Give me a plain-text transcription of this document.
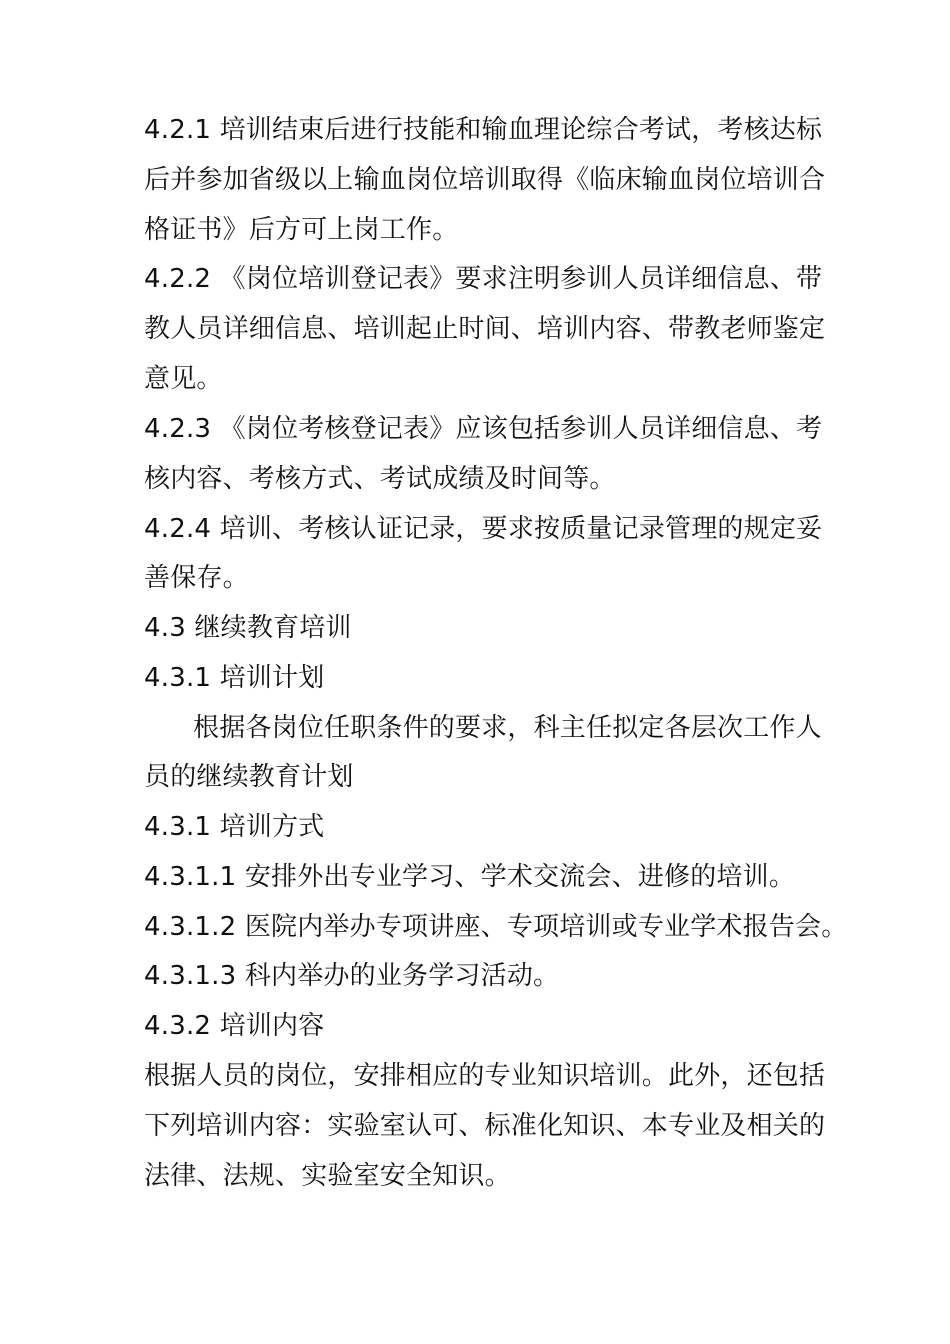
4.2.1 培训结束后进行技能和输血理论综合考试，考核达标
后并参加省级以上输血岗位培训取得《临床输血岗位培训合
格证书》后方可上岗工作。
4.2.2 《岗位培训登记表》要求注明参训人员详细信息、带
教人员详细信息、培训起止时间、培训内容、带教老师鉴定
意见。
4.2.3 《岗位考核登记表》应该包括参训人员详细信息、考
核内容、考核方式、考试成绩及时间等。
4.2.4 培训、考核认证记录，要求按质量记录管理的规定妥
善保存。
4.3 继续教育培训
4.3.1 培训计划
根据各岗位任职条件的要求，科主任拟定各层次工作人
员的继续教育计划
4.3.1 培训方式
4.3.1.1 安排外出专业学习、学术交流会、进修的培训。
4.3.1.2 医院内举办专项讲座、专项培训或专业学术报告会。
4.3.1.3 科内举办的业务学习活动。
4.3.2 培训内容
根据人员的岗位，安排相应的专业知识培训。此外，还包括
下列培训内容：实验室认可、标准化知识、本专业及相关的
法律、法规、实验室安全知识。
